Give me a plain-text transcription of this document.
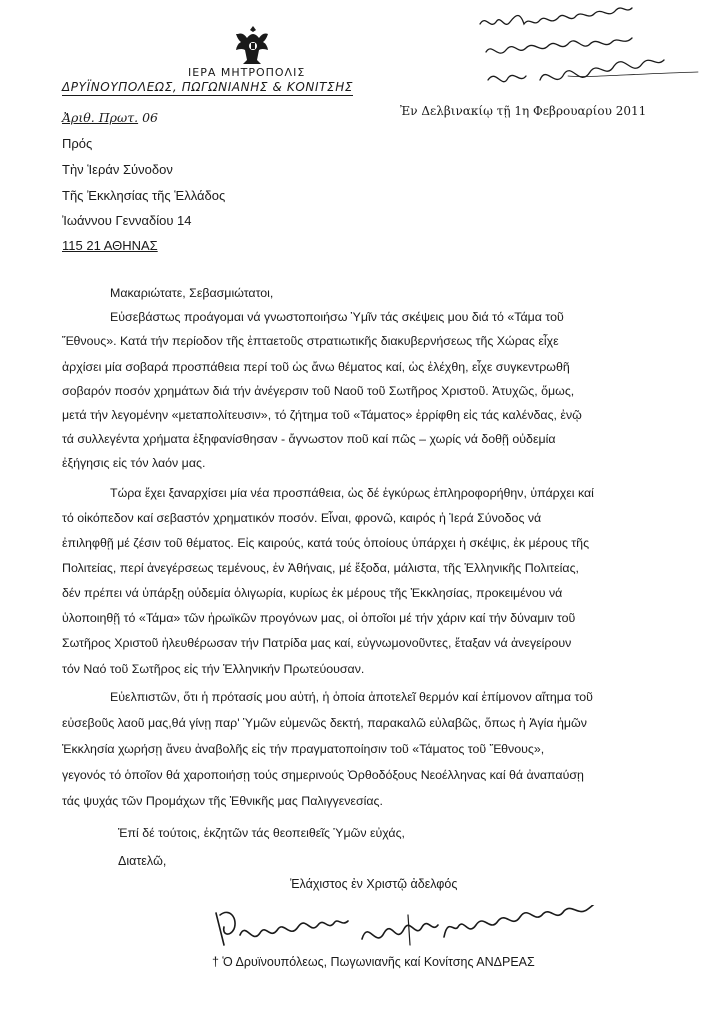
ΙΕΡΑ ΜΗΤΡΟΠΟΛΙΣ
ΔΡΥΪΝΟΥΠΟΛΕΩΣ, ΠΩΓΩΝΙΑΝΗΣ & ΚΟΝΙΤΣΗΣ
Ἀριθ. Πρωτ. 06	Ἐν Δελβινακίῳ τῇ 1η Φεβρουαρίου 2011
Πρός
Τὴν Ἱεράν Σύνοδον
Τῆς Ἐκκλησίας τῆς Ἑλλάδος
Ἰωάννου Γενναδίου 14
115 21 ΑΘΗΝΑΣ
Μακαριώτατε, Σεβασμιώτατοι,
Εὐσεβάστως προάγομαι νά γνωστοποιήσω Ὑμῖν τάς σκέψεις μου διά τό «Τάμα τοῦ
Ἔθνους». Κατά τήν περίοδον τῆς ἑπταετοῦς στρατιωτικῆς διακυβερνήσεως τῆς Χώρας εἶχε
ἀρχίσει μία σοβαρά προσπάθεια περί τοῦ ὡς ἄνω θέματος καί, ὡς ἐλέχθη, εἶχε συγκεντρωθῆ
σοβαρόν ποσόν χρημάτων διά τήν ἀνέγερσιν τοῦ Ναοῦ τοῦ Σωτῆρος Χριστοῦ. Ἀτυχῶς, ὅμως,
μετά τήν λεγομένην «μεταπολίτευσιν», τό ζήτημα τοῦ «Τάματος» ἐρρίφθη εἰς τάς καλένδας, ἐνῷ
τά συλλεγέντα χρήματα ἐξηφανίσθησαν - ἄγνωστον ποῦ καί πῶς – χωρίς νά δοθῇ οὐδεμία
ἐξήγησις εἰς τόν λαόν μας.
Τώρα ἔχει ξαναρχίσει μία νέα προσπάθεια, ὡς δέ ἐγκύρως ἐπληροφορήθην, ὑπάρχει καί
τό οἰκόπεδον καί σεβαστόν χρηματικόν ποσόν. Εἶναι, φρονῶ, καιρός ἡ Ἱερά Σύνοδος νά
ἐπιληφθῇ μέ ζέσιν τοῦ θέματος. Εἰς καιρούς, κατά τούς ὁποίους ὑπάρχει ἡ σκέψις, ἐκ μέρους τῆς
Πολιτείας, περί ἀνεγέρσεως τεμένους, ἐν Ἀθήναις, μέ ἔξοδα, μάλιστα, τῆς Ἑλληνικῆς Πολιτείας,
δέν πρέπει νά ὑπάρξῃ οὐδεμία ὀλιγωρία, κυρίως ἐκ μέρους τῆς Ἐκκλησίας, προκειμένου νά
ὑλοποιηθῇ τό «Τάμα» τῶν ἡρωϊκῶν προγόνων μας, οἱ ὁποῖοι μέ τήν χάριν καί τήν δύναμιν τοῦ
Σωτῆρος Χριστοῦ ἠλευθέρωσαν τήν Πατρίδα μας καί, εὐγνωμονοῦντες, ἔταξαν νά ἀνεγείρουν
τόν Ναό τοῦ Σωτῆρος εἰς τήν Ἑλληνικήν Πρωτεύουσαν.
Εὐελπιστῶν, ὅτι ἡ πρότασίς μου αὐτή, ἡ ὁποία ἀποτελεῖ θερμόν καί ἐπίμονον αἴτημα τοῦ
εὐσεβοῦς λαοῦ μας,θά γίνῃ παρ' Ὑμῶν εὐμενῶς δεκτή, παρακαλῶ εὐλαβῶς, ὅπως ἡ Ἁγία ἡμῶν
Ἐκκλησία χωρήσῃ ἄνευ ἀναβολῆς εἰς τήν πραγματοποίησιν τοῦ «Τάματος τοῦ Ἔθνους»,
γεγονός τό ὁποῖον θά χαροποιήσῃ τούς σημερινούς Ὀρθοδόξους Νεοέλληνας καί θά ἀναπαύσῃ
τάς ψυχάς τῶν Προμάχων τῆς Ἐθνικῆς μας Παλιγγενεσίας.
Ἐπί δέ τούτοις, ἐκζητῶν τάς θεοπειθεῖς Ὑμῶν εὐχάς,
Διατελῶ,
Ἐλάχιστος ἐν Χριστῷ ἀδελφός
† Ὁ Δρυϊνουπόλεως, Πωγωνιανῆς καί Κονίτσης ΑΝΔΡΕΑΣ
